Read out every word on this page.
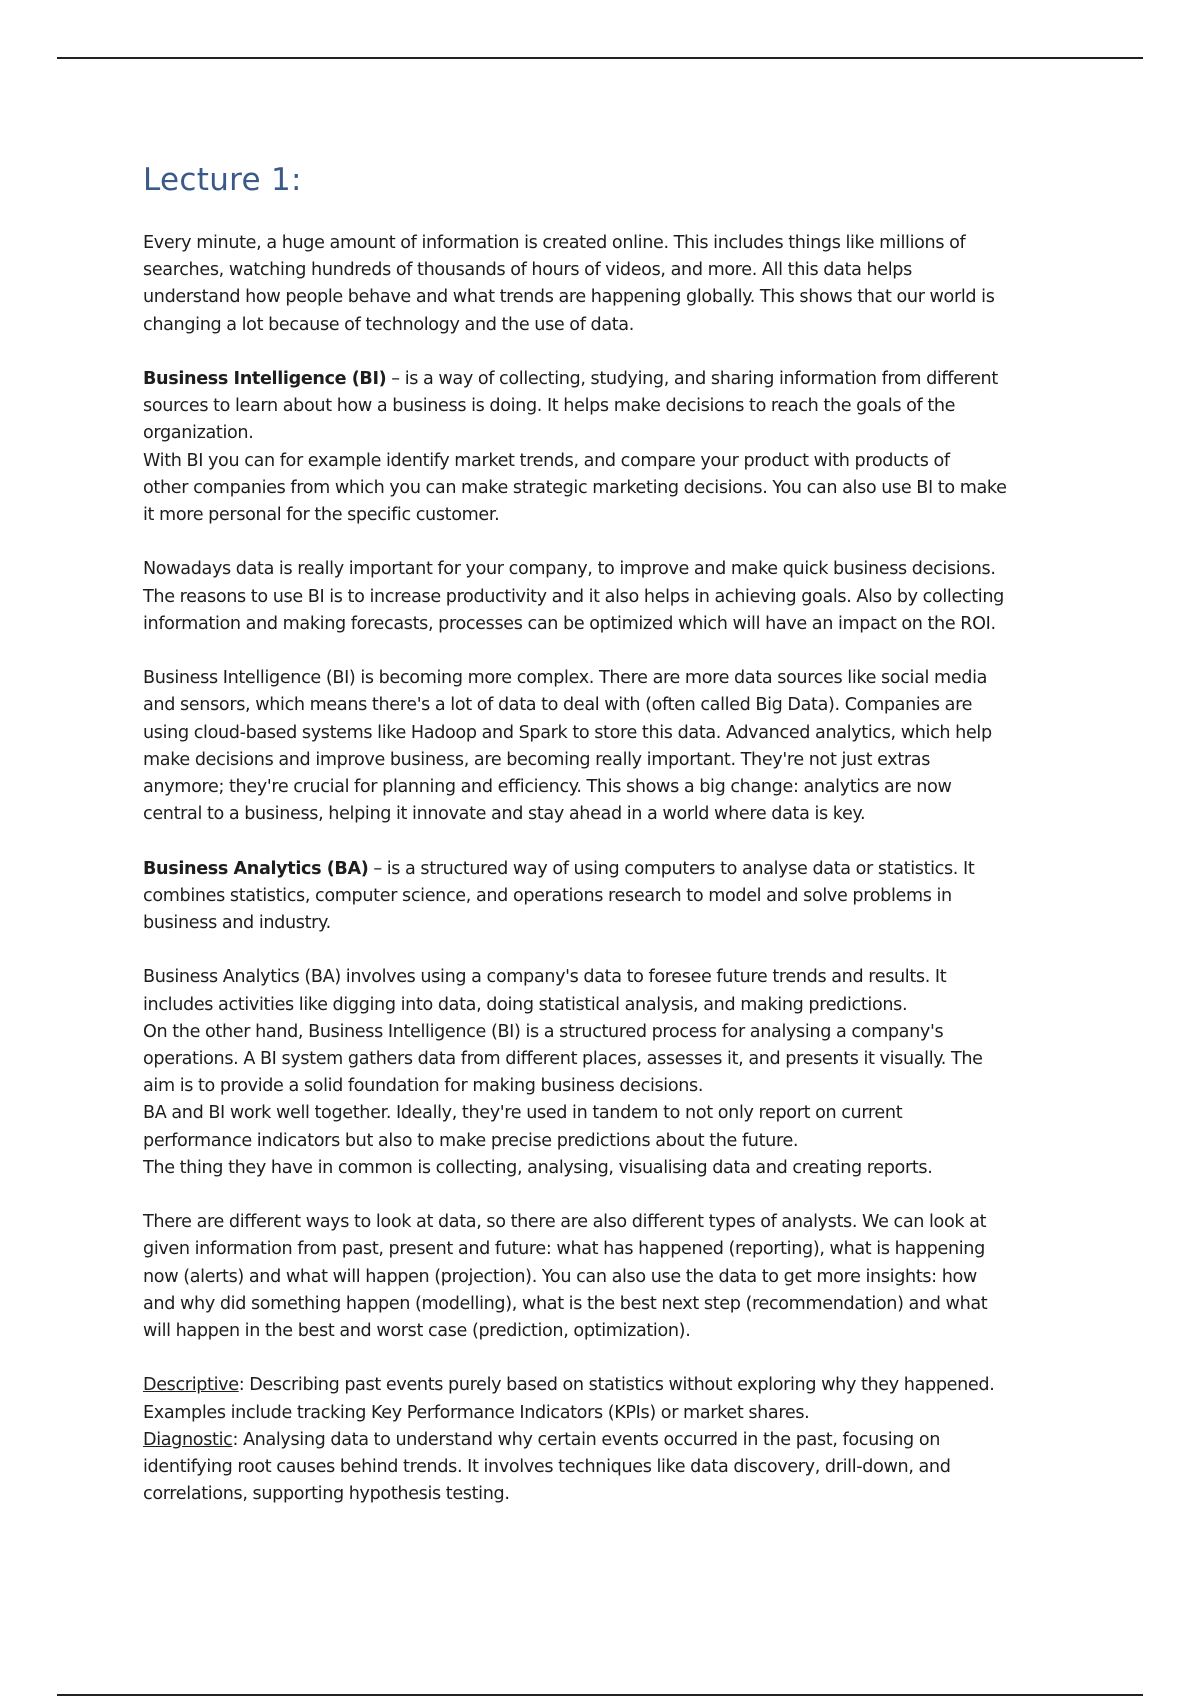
Lecture 1:

Every minute, a huge amount of information is created online. This includes things like millions of
searches, watching hundreds of thousands of hours of videos, and more. All this data helps
understand how people behave and what trends are happening globally. This shows that our world is
changing a lot because of technology and the use of data.

Business Intelligence (BI) – is a way of collecting, studying, and sharing information from different
sources to learn about how a business is doing. It helps make decisions to reach the goals of the
organization.
With BI you can for example identify market trends, and compare your product with products of
other companies from which you can make strategic marketing decisions. You can also use BI to make
it more personal for the specific customer.

Nowadays data is really important for your company, to improve and make quick business decisions.
The reasons to use BI is to increase productivity and it also helps in achieving goals. Also by collecting
information and making forecasts, processes can be optimized which will have an impact on the ROI.

Business Intelligence (BI) is becoming more complex. There are more data sources like social media
and sensors, which means there's a lot of data to deal with (often called Big Data). Companies are
using cloud-based systems like Hadoop and Spark to store this data. Advanced analytics, which help
make decisions and improve business, are becoming really important. They're not just extras
anymore; they're crucial for planning and efficiency. This shows a big change: analytics are now
central to a business, helping it innovate and stay ahead in a world where data is key.

Business Analytics (BA) – is a structured way of using computers to analyse data or statistics. It
combines statistics, computer science, and operations research to model and solve problems in
business and industry.

Business Analytics (BA) involves using a company's data to foresee future trends and results. It
includes activities like digging into data, doing statistical analysis, and making predictions.
On the other hand, Business Intelligence (BI) is a structured process for analysing a company's
operations. A BI system gathers data from different places, assesses it, and presents it visually. The
aim is to provide a solid foundation for making business decisions.
BA and BI work well together. Ideally, they're used in tandem to not only report on current
performance indicators but also to make precise predictions about the future.
The thing they have in common is collecting, analysing, visualising data and creating reports.

There are different ways to look at data, so there are also different types of analysts. We can look at
given information from past, present and future: what has happened (reporting), what is happening
now (alerts) and what will happen (projection). You can also use the data to get more insights: how
and why did something happen (modelling), what is the best next step (recommendation) and what
will happen in the best and worst case (prediction, optimization).

Descriptive: Describing past events purely based on statistics without exploring why they happened.
Examples include tracking Key Performance Indicators (KPIs) or market shares.
Diagnostic: Analysing data to understand why certain events occurred in the past, focusing on
identifying root causes behind trends. It involves techniques like data discovery, drill-down, and
correlations, supporting hypothesis testing.
